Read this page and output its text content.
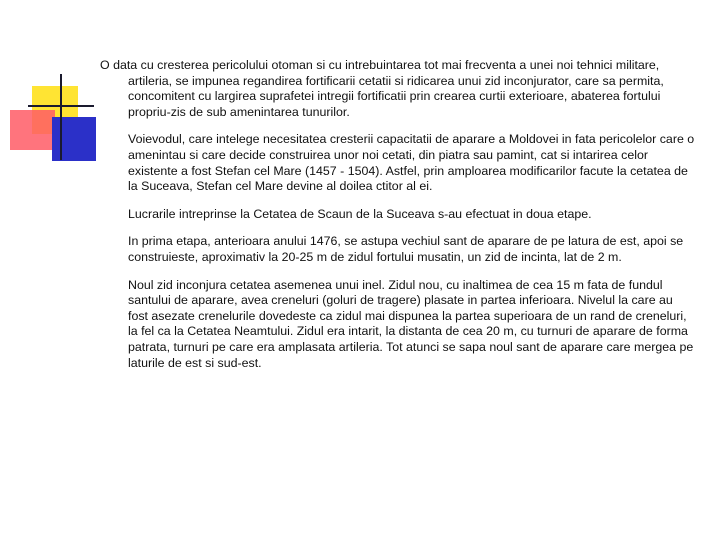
O data cu cresterea pericolului otoman si cu intrebuintarea tot mai frecventa a unei noi tehnici militare, artileria, se impunea regandirea fortificarii cetatii si ridicarea unui zid inconjurator, care sa permita, concomitent cu largirea suprafetei intregii fortificatii prin crearea curtii exterioare, abaterea fortului propriu-zis de sub amenintarea tunurilor.

Voievodul, care intelege necesitatea cresterii capacitatii de aparare a Moldovei in fata pericolelor care o amenintau si care decide construirea unor noi cetati, din piatra sau pamint, cat si intarirea celor existente a fost Stefan cel Mare (1457 - 1504). Astfel, prin amploarea modificarilor facute la cetatea de la Suceava, Stefan cel Mare devine al doilea ctitor al ei.

Lucrarile intreprinse la Cetatea de Scaun de la Suceava s-au efectuat in doua etape.

In prima etapa, anterioara anului 1476, se astupa vechiul sant de aparare de pe latura de est, apoi se construieste, aproximativ la 20-25 m de zidul fortului musatin, un zid de incinta, lat de 2 m.

Noul zid inconjura cetatea asemenea unui inel. Zidul nou, cu inaltimea de cea 15 m fata de fundul santului de aparare, avea creneluri (goluri de tragere) plasate in partea inferioara. Nivelul la care au fost asezate crenelurile dovedeste ca zidul mai dispunea la partea superioara de un rand de creneluri, la fel ca la Cetatea Neamtului. Zidul era intarit, la distanta de cea 20 m, cu turnuri de aparare de forma patrata, turnuri pe care era amplasata artileria. Tot atunci se sapa noul sant de aparare care mergea pe laturile de est si sud-est.
